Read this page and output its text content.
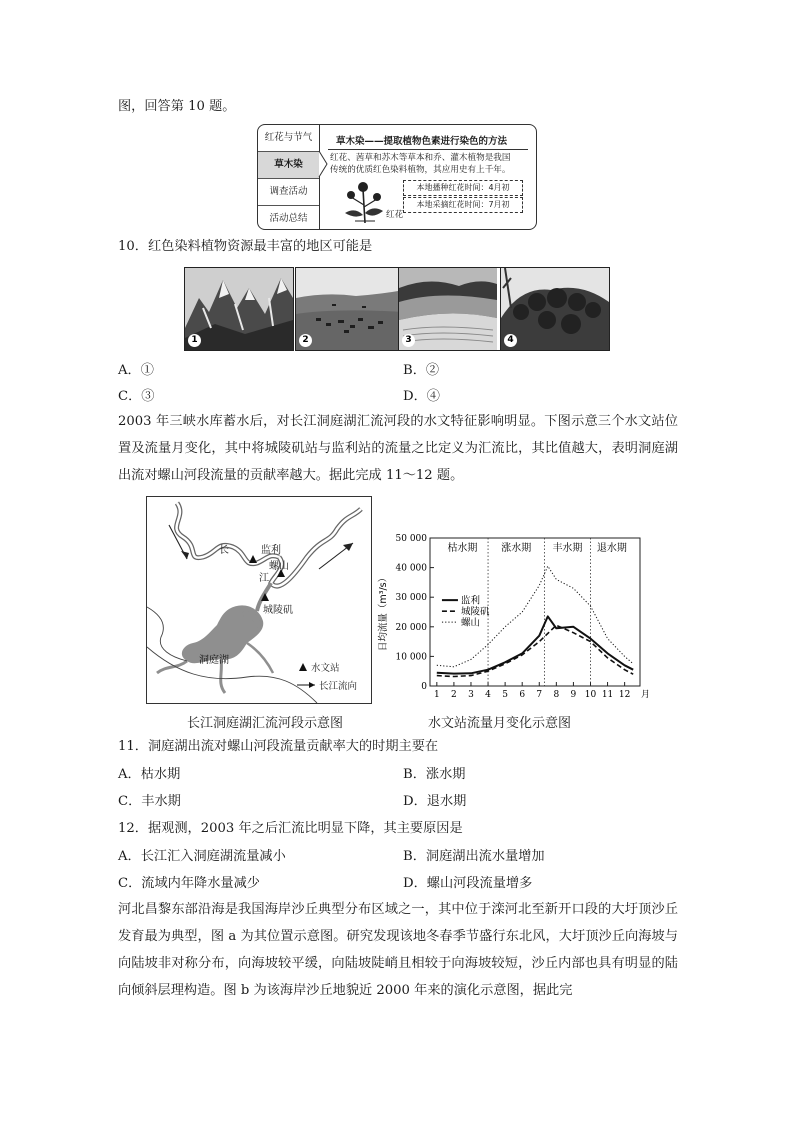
图，回答第 10 题。
红花与节气
草木染
调查活动
活动总结
草木染——提取植物色素进行染色的方法
红花、茜草和苏木等草本和乔、灌木植物是我国
传统的优质红色染料植物，其应用史有上千年。
红花
本地播种红花时间：4月初
本地采摘红花时间：7月初
10．红色染料植物资源最丰富的地区可能是
1	2	3	4
A．①	B．②
C．③	D．④
2003 年三峡水库蓄水后，对长江洞庭湖汇流河段的水文特征影响明显。下图示意三个水文站位置及流量月变化，其中将城陵矶站与监利站的流量之比定义为汇流比，其比值越大，表明洞庭湖出流对螺山河段流量的贡献率越大。据此完成 11～12 题。
监利
螺山
长
江
城陵矶
洞庭湖
水文站
长江流向	0
10 000
20 000
30 000
40 000
50 000
1 2 3 4 5 6 7 8 9 10 11 12 月
日均流量（m³/s）
枯水期 涨水期 丰水期 退水期
监利
城陵矶
螺山
长江洞庭湖汇流河段示意图	水文站流量月变化示意图
11．洞庭湖出流对螺山河段流量贡献率大的时期主要在
A．枯水期	B．涨水期
C．丰水期	D．退水期
12．据观测，2003 年之后汇流比明显下降，其主要原因是
A．长江汇入洞庭湖流量减小	B．洞庭湖出流水量增加
C．流域内年降水量减少	D．螺山河段流量增多
河北昌黎东部沿海是我国海岸沙丘典型分布区域之一，其中位于滦河北至新开口段的大圩顶沙丘发育最为典型，图 a 为其位置示意图。研究发现该地冬春季节盛行东北风，大圩顶沙丘向海坡与向陆坡非对称分布，向海坡较平缓，向陆坡陡峭且相较于向海坡较短，沙丘内部也具有明显的陆向倾斜层理构造。图 b 为该海岸沙丘地貌近 2000 年来的演化示意图，据此完
